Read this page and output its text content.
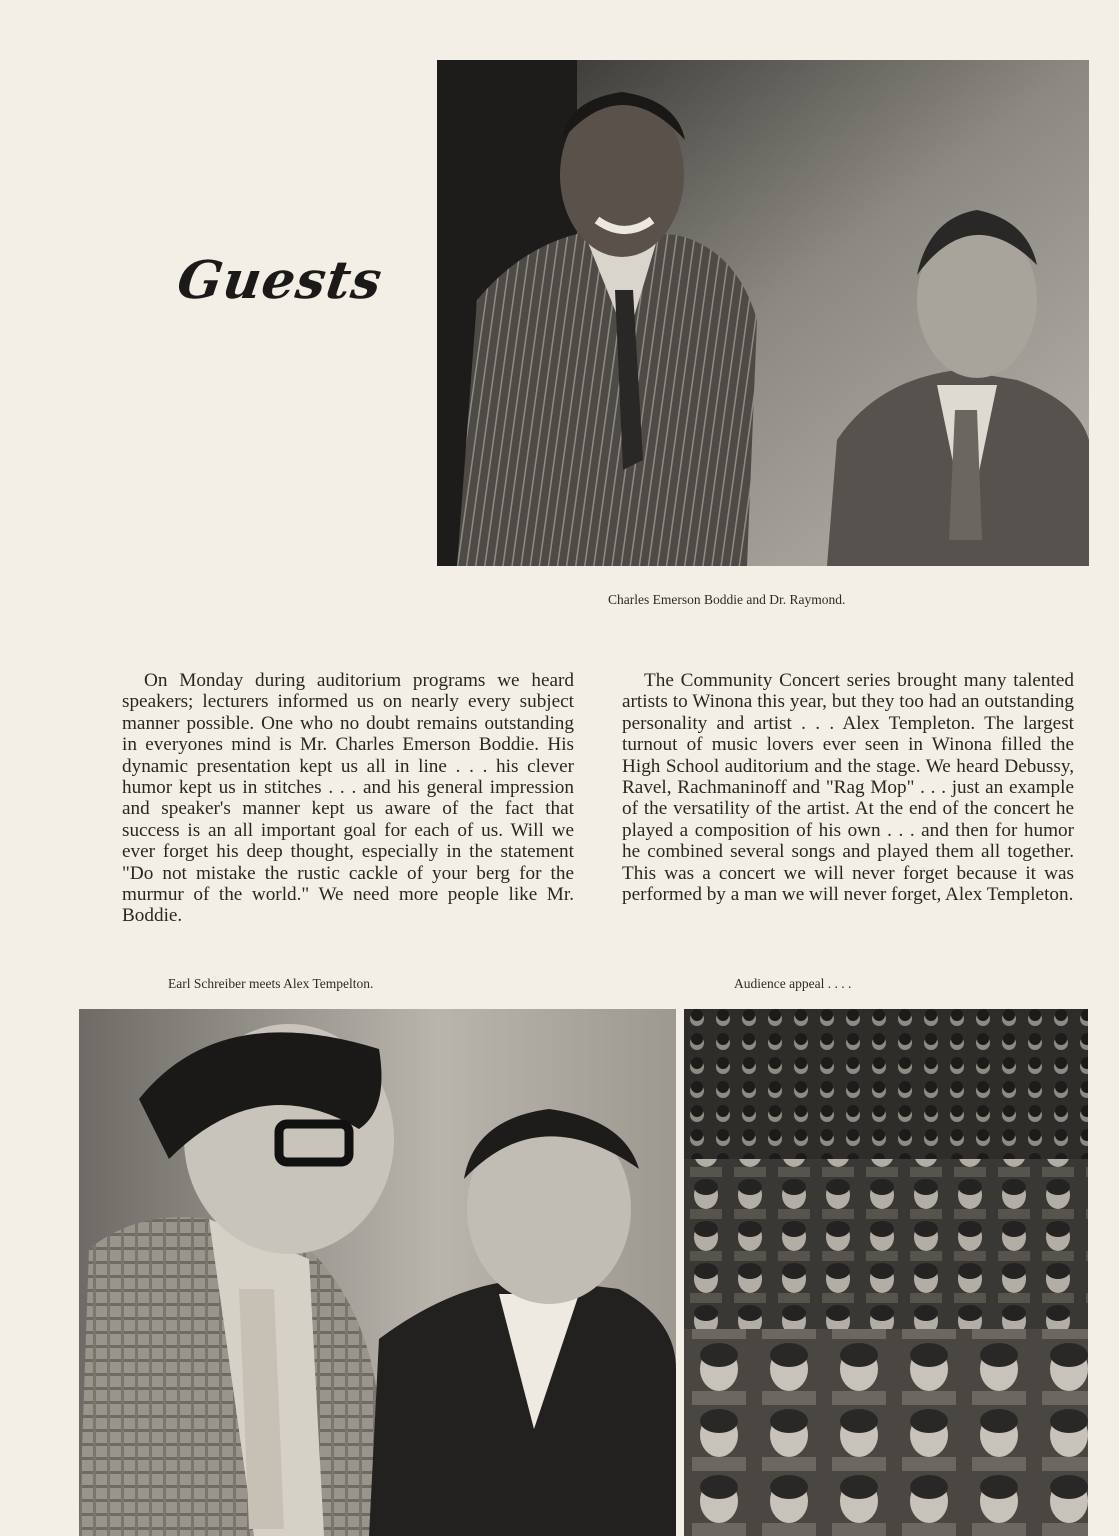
Guests
Charles Emerson Boddie and Dr. Raymond.
On Monday during auditorium programs we heard speakers; lecturers informed us on nearly every subject manner possible. One who no doubt remains outstanding in everyones mind is Mr. Charles Emerson Boddie. His dynamic presentation kept us all in line . . . his clever humor kept us in stitches . . . and his general impression and speaker's manner kept us aware of the fact that success is an all important goal for each of us. Will we ever forget his deep thought, especially in the statement "Do not mistake the rustic cackle of your berg for the murmur of the world." We need more people like Mr. Boddie.
The Community Concert series brought many talented artists to Winona this year, but they too had an outstanding personality and artist . . . Alex Templeton. The largest turnout of music lovers ever seen in Winona filled the High School auditorium and the stage. We heard Debussy, Ravel, Rachmaninoff and "Rag Mop" . . . just an example of the versatility of the artist. At the end of the concert he played a composition of his own . . . and then for humor he combined several songs and played them all together. This was a concert we will never forget because it was performed by a man we will never forget, Alex Templeton.
Earl Schreiber meets Alex Tempelton.	Audience appeal . . . .
